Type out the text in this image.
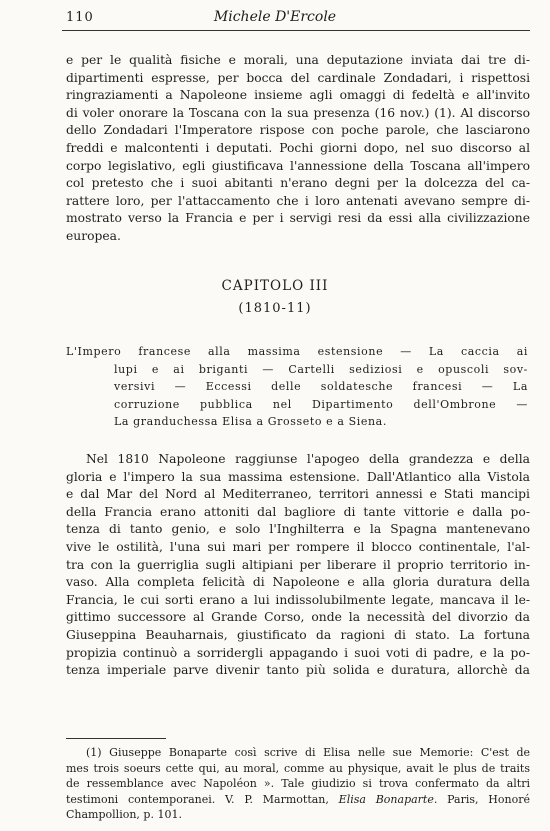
110	Michele D'Ercole
e per le qualità fisiche e morali, una deputazione inviata dai tre di-
dipartimenti espresse, per bocca del cardinale Zondadari, i rispettosi
ringraziamenti a Napoleone insieme agli omaggi di fedeltà e all'invito
di voler onorare la Toscana con la sua presenza (16 nov.) (1). Al discorso
dello Zondadari l'Imperatore rispose con poche parole, che lasciarono
freddi e malcontenti i deputati. Pochi giorni dopo, nel suo discorso al
corpo legislativo, egli giustificava l'annessione della Toscana all'impero
col pretesto che i suoi abitanti n'erano degni per la dolcezza del ca-
rattere loro, per l'attaccamento che i loro antenati avevano sempre di-
mostrato verso la Francia e per i servigi resi da essi alla civilizzazione
europea.
CAPITOLO III
(1810-11)
L'Impero francese alla massima estensione — La caccia ai
lupi e ai briganti — Cartelli sediziosi e opuscoli sov-
versivi — Eccessi delle soldatesche francesi — La
corruzione pubblica nel Dipartimento dell'Ombrone —
La granduchessa Elisa a Grosseto e a Siena.
Nel 1810 Napoleone raggiunse l'apogeo della grandezza e della
gloria e l'impero la sua massima estensione. Dall'Atlantico alla Vistola
e dal Mar del Nord al Mediterraneo, territori annessi e Stati mancipi
della Francia erano attoniti dal bagliore di tante vittorie e dalla po-
tenza di tanto genio, e solo l'Inghilterra e la Spagna mantenevano
vive le ostilità, l'una sui mari per rompere il blocco continentale, l'al-
tra con la guerriglia sugli altipiani per liberare il proprio territorio in-
vaso. Alla completa felicità di Napoleone e alla gloria duratura della
Francia, le cui sorti erano a lui indissolubilmente legate, mancava il le-
gittimo successore al Grande Corso, onde la necessità del divorzio da
Giuseppina Beauharnais, giustificato da ragioni di stato. La fortuna
propizia continuò a sorridergli appagando i suoi voti di padre, e la po-
tenza imperiale parve divenir tanto più solida e duratura, allorchè da
(1) Giuseppe Bonaparte così scrive di Elisa nelle sue Memorie: C'est de
mes trois soeurs cette qui, au moral, comme au physique, avait le plus de traits
de ressemblance avec Napoléon ». Tale giudizio si trova confermato da altri
testimoni contemporanei. V. P. Marmottan, Elisa Bonaparte. Paris, Honoré
Champollion, p. 101.
